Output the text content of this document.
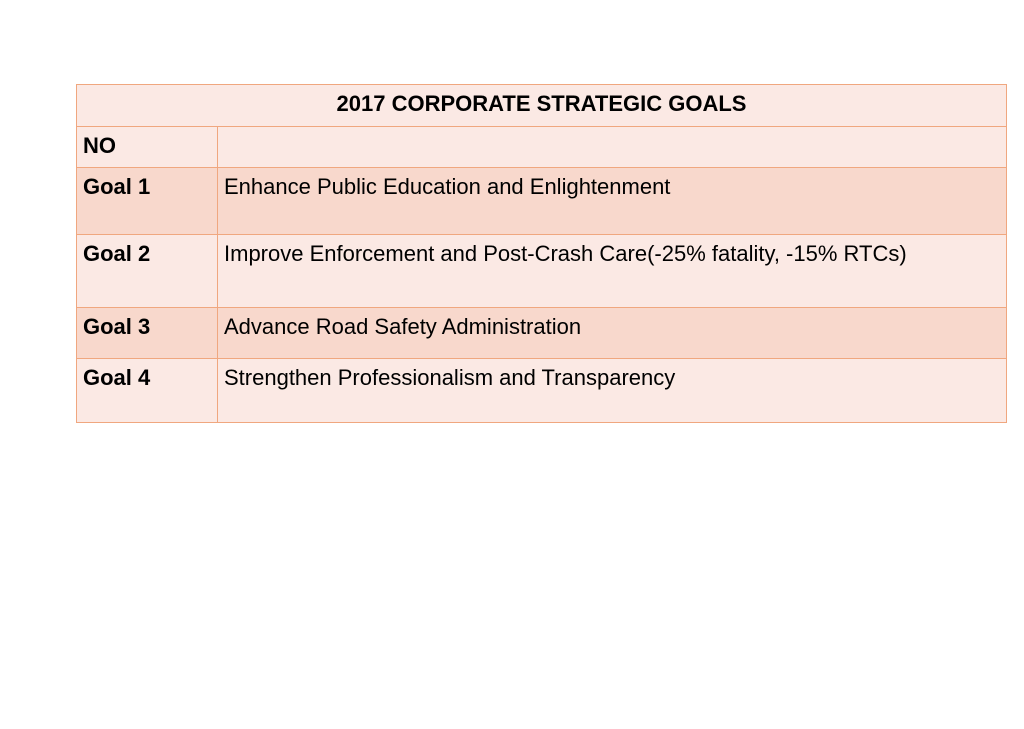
2017 CORPORATE STRATEGIC GOALS	
NO	
Goal 1	Enhance Public Education and Enlightenment
Goal 2	Improve Enforcement and Post-Crash Care(-25% fatality, -15% RTCs)
Goal 3	Advance Road Safety Administration
Goal 4	Strengthen Professionalism and Transparency
